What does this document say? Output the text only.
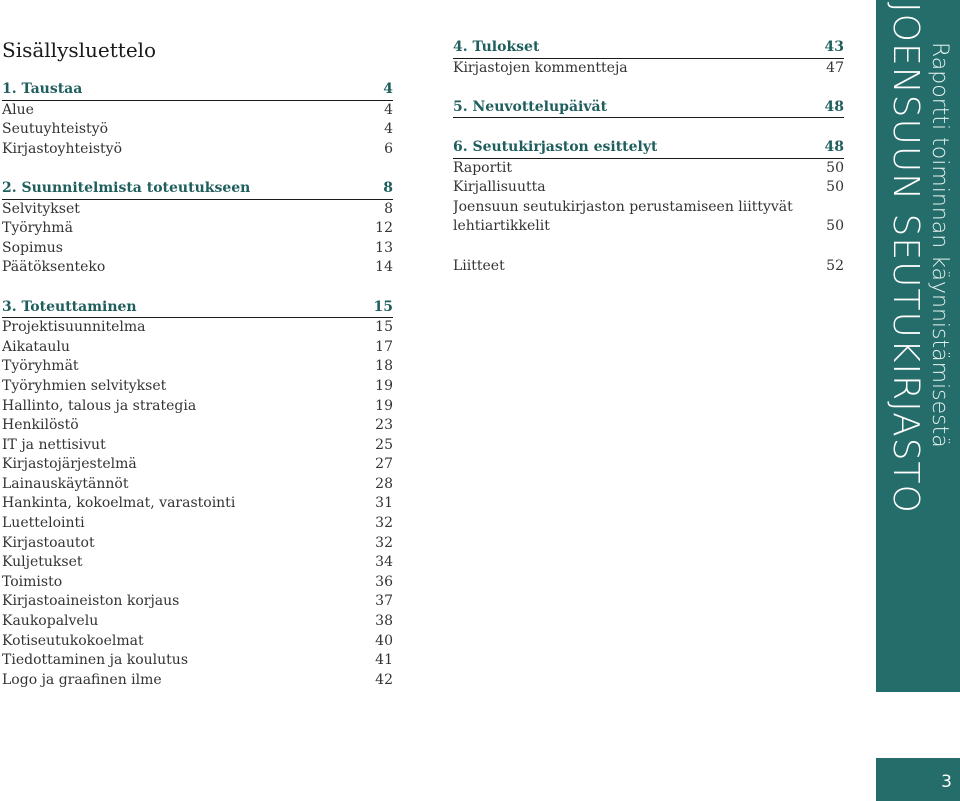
Sisällysluettelo
1. Taustaa	4
Alue	4
Seutuyhteistyö	4
Kirjastoyhteistyö	6
2. Suunnitelmista toteutukseen	8
Selvitykset	8
Työryhmä	12
Sopimus	13
Päätöksenteko	14
3. Toteuttaminen	15
Projektisuunnitelma	15
Aikataulu	17
Työryhmät	18
Työryhmien selvitykset	19
Hallinto, talous ja strategia	19
Henkilöstö	23
IT ja nettisivut	25
Kirjastojärjestelmä	27
Lainauskäytännöt	28
Hankinta, kokoelmat, varastointi	31
Luettelointi	32
Kirjastoautot	32
Kuljetukset	34
Toimisto	36
Kirjastoaineiston korjaus	37
Kaukopalvelu	38
Kotiseutukokoelmat	40
Tiedottaminen ja koulutus	41
Logo ja graafinen ilme	42
4. Tulokset	43
Kirjastojen kommentteja	47
5. Neuvottelupäivät	48
6. Seutukirjaston esittelyt	48
Raportit	50
Kirjallisuutta	50
Joensuun seutukirjaston perustamiseen liittyvät
lehtiartikkelit	50
Liitteet	52 JOENSUUN SEUTUKIRJASTO Raportti toiminnan käynnistämisestä
3
